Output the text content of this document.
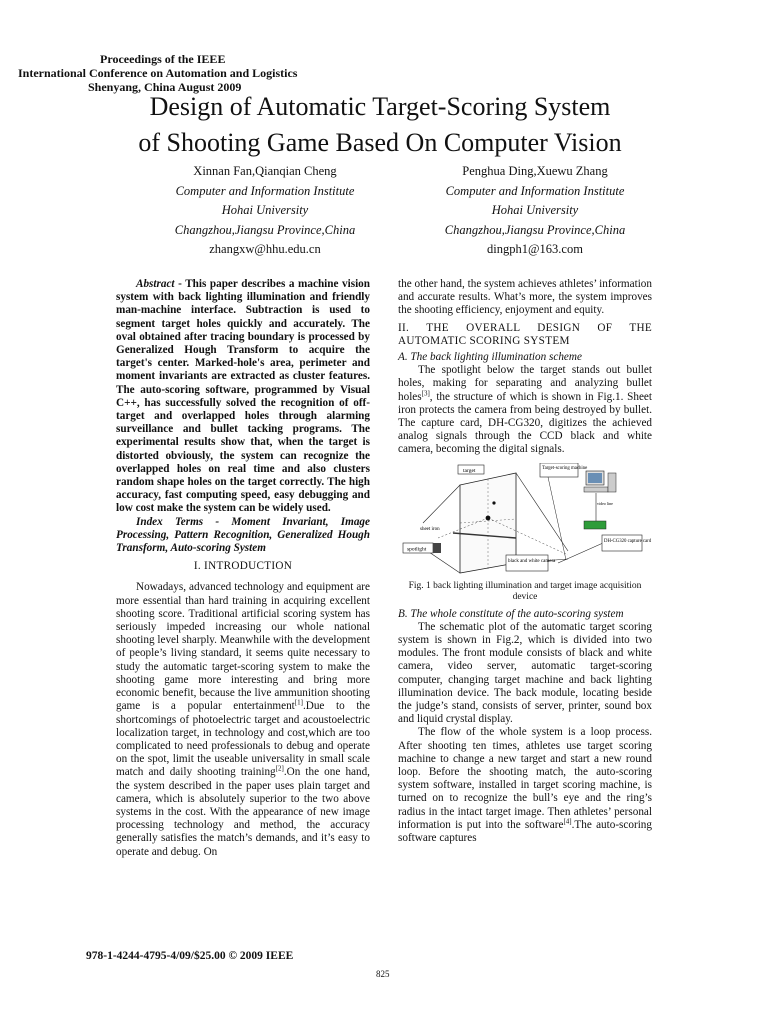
Proceedings of the IEEE
International Conference on Automation and Logistics
Shenyang, China August 2009
Design of Automatic Target-Scoring System
of Shooting Game Based On Computer Vision
Xinnan Fan,Qianqian Cheng
Computer and Information Institute
Hohai University
Changzhou,Jiangsu Province,China
zhangxw@hhu.edu.cn
Penghua Ding,Xuewu Zhang
Computer and Information Institute
Hohai University
Changzhou,Jiangsu Province,China
dingph1@163.com

Abstract - This paper describes a machine vision system with back lighting illumination and friendly man-machine interface. Subtraction is used to segment target holes quickly and accurately. The oval obtained after tracing boundary is processed by Generalized Hough Transform to acquire the target's center. Marked-hole's area, perimeter and moment invariants are extracted as cluster features. The auto-scoring software, programmed by Visual C++, has successfully solved the recognition of off-target and overlapped holes through alarming surveillance and bullet tacking programs. The experimental results show that, when the target is distorted obviously, the system can recognize the overlapped holes on real time and also clusters random shape holes on the target correctly. The high accuracy, fast computing speed, easy debugging and low cost make the system can be widely used.

Index Terms - Moment Invariant, Image Processing, Pattern Recognition, Generalized Hough Transform, Auto-scoring System

I. INTRODUCTION

Nowadays, advanced technology and equipment are more essential than hard training in acquiring excellent shooting score. Traditional artificial scoring system has seriously impeded increasing our whole national shooting level sharply. Meanwhile with the development of people’s living standard, it seems quite necessary to study the automatic target-scoring system to make the shooting game more interesting and bring more economic benefit, because the live ammunition shooting game is a popular entertainment[1].Due to the shortcomings of photoelectric target and acoustoelectric localization target, in technology and cost,which are too complicated to need professionals to debug and operate on the spot, limit the useable universality in small scale match and daily shooting training[2].On the one hand, the system described in the paper uses plain target and camera, which is absolutely superior to the two above systems in the cost. With the appearance of new image processing technology and method, the accuracy generally satisfies the match’s demands, and it’s easy to operate and debug. On

the other hand, the system achieves athletes’ information and accurate results. What’s more, the system improves the shooting efficiency, enjoyment and equity.

II. THE OVERALL DESIGN OF THE

AUTOMATIC SCORING SYSTEM

A. The back lighting illumination scheme

The spotlight below the target stands out bullet holes, making for separating and analyzing bullet holes[3], the structure of which is shown in Fig.1. Sheet iron protects the camera from being destroyed by bullet. The capture card, DH-CG320, digitizes the achieved analog signals through the CCD black and white camera, becoming the digital signals.

sheet iron
target
spotlight
black and white camera
Target-scoring machine
video line
DH-CG320 capture card

Fig. 1 back lighting illumination and target image acquisition device

B. The whole constitute of the auto-scoring system

The schematic plot of the automatic target scoring system is shown in Fig.2, which is divided into two modules. The front module consists of black and white camera, video server, automatic target-scoring computer, changing target machine and back lighting illumination device. The back module, locating beside the judge’s stand, consists of server, printer, sound box and liquid crystal display.

The flow of the whole system is a loop process. After shooting ten times, athletes use target scoring machine to change a new target and start a new round loop. Before the shooting match, the auto-scoring system software, installed in target scoring machine, is turned on to recognize the bull’s eye and the ring’s radius in the intact target image. Then athletes’ personal information is put into the software[4].The auto-scoring software captures

978-1-4244-4795-4/09/$25.00 © 2009 IEEE
825
